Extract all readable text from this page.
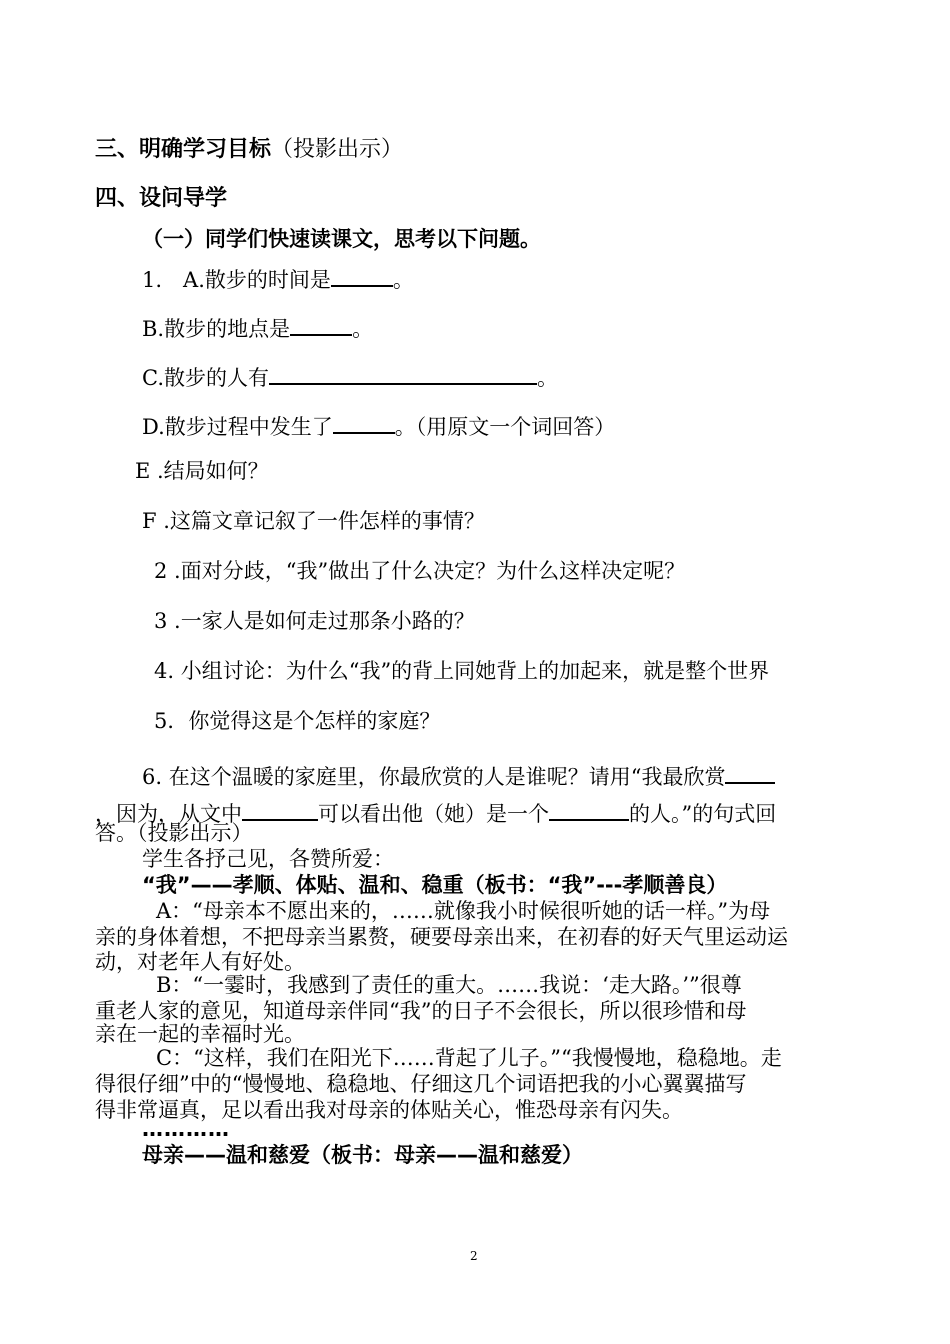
三、明确学习目标（投影出示）
四、设问导学
（一）同学们快速读课文，思考以下问题。
1.　A.散步的时间是	。
B.散步的地点是	。
C.散步的人有	。
D.散步过程中发生了	。（用原文一个词回答）
E .结局如何？
F .这篇文章记叙了一件怎样的事情？
2 .面对分歧，“我”做出了什么决定？为什么这样决定呢？
3 .一家人是如何走过那条小路的？
4. 小组讨论：为什么“我”的背上同她背上的加起来，就是整个世界
5．你觉得这是个怎样的家庭？
6. 在这个温暖的家庭里，你最欣赏的人是谁呢？请用“我最欣赏
，因为，从文中	可以看出他（她）是一个	的人。”的句式回
答。（投影出示）
学生各抒己见，各赞所爱：
“我”——孝顺、体贴、温和、稳重（板书：“我”---孝顺善良）
A：“母亲本不愿出来的，……就像我小时候很听她的话一样。”为母
亲的身体着想，不把母亲当累赘，硬要母亲出来，在初春的好天气里运动运
动，对老年人有好处。
B：“一霎时，我感到了责任的重大。……我说：‘走大路。’”很尊
重老人家的意见，知道母亲伴同“我”的日子不会很长，所以很珍惜和母
亲在一起的幸福时光。
C：“这样，我们在阳光下……背起了儿子。”“我慢慢地，稳稳地。走
得很仔细”中的“慢慢地、稳稳地、仔细这几个词语把我的小心翼翼描写
得非常逼真，足以看出我对母亲的体贴关心，惟恐母亲有闪失。
…………
母亲——温和慈爱（板书：母亲——温和慈爱）
2
